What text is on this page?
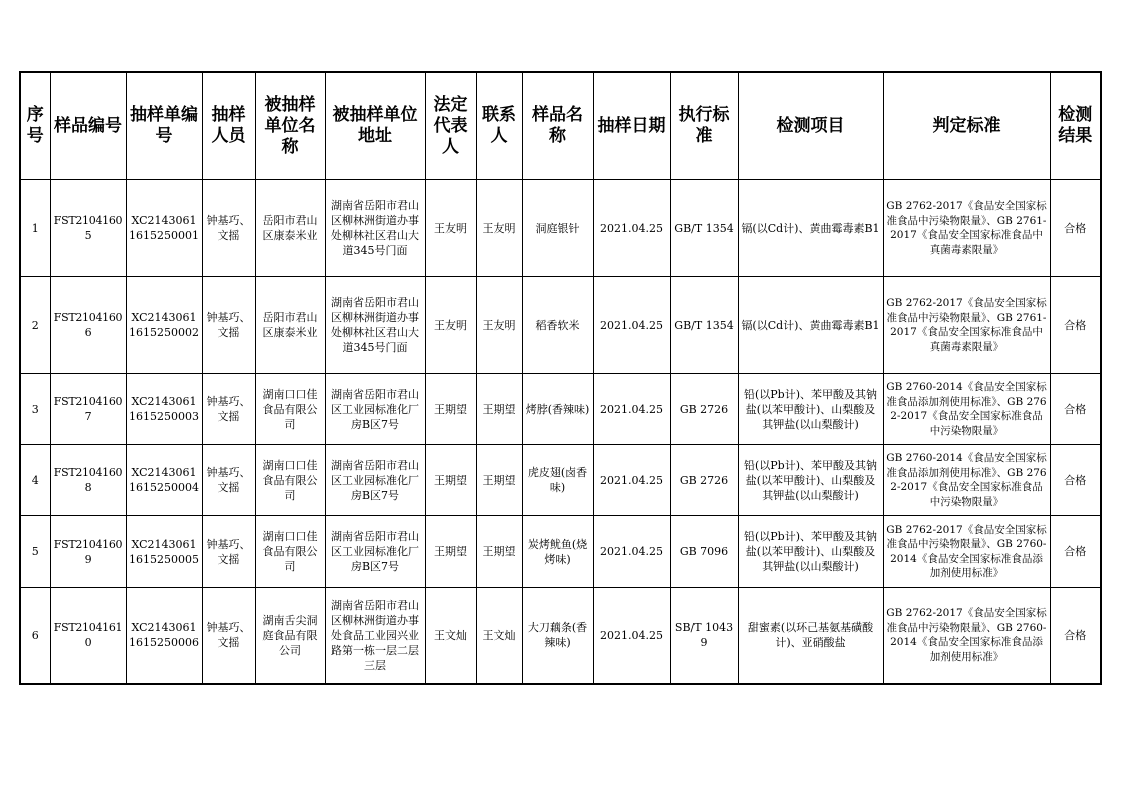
序号	样品编号	抽样单编号	抽样人员	被抽样单位名称	被抽样单位地址	法定代表人	联系人	样品名称	抽样日期	执行标准	检测项目	判定标准	检测结果
1	FST21041605	XC21430611615250001	钟基巧、文摇	岳阳市君山区康泰米业	湖南省岳阳市君山区柳林洲街道办事处柳林社区君山大道345号门面	王友明	王友明	洞庭银针	2021.04.25	GB/T 1354	镉(以Cd计)、黄曲霉毒素B1	GB 2762-2017《食品安全国家标准食品中污染物限量》、GB 2761-2017《食品安全国家标准食品中真菌毒素限量》	合格
2	FST21041606	XC21430611615250002	钟基巧、文摇	岳阳市君山区康泰米业	湖南省岳阳市君山区柳林洲街道办事处柳林社区君山大道345号门面	王友明	王友明	稻香软米	2021.04.25	GB/T 1354	镉(以Cd计)、黄曲霉毒素B1	GB 2762-2017《食品安全国家标准食品中污染物限量》、GB 2761-2017《食品安全国家标准食品中真菌毒素限量》	合格
3	FST21041607	XC21430611615250003	钟基巧、文摇	湖南口口佳食品有限公司	湖南省岳阳市君山区工业园标准化厂房B区7号	王期望	王期望	烤脖(香辣味)	2021.04.25	GB 2726	铅(以Pb计)、苯甲酸及其钠盐(以苯甲酸计)、山梨酸及其钾盐(以山梨酸计)	GB 2760-2014《食品安全国家标准食品添加剂使用标准》、GB 2762-2017《食品安全国家标准食品中污染物限量》	合格
4	FST21041608	XC21430611615250004	钟基巧、文摇	湖南口口佳食品有限公司	湖南省岳阳市君山区工业园标准化厂房B区7号	王期望	王期望	虎皮翅(卤香味)	2021.04.25	GB 2726	铅(以Pb计)、苯甲酸及其钠盐(以苯甲酸计)、山梨酸及其钾盐(以山梨酸计)	GB 2760-2014《食品安全国家标准食品添加剂使用标准》、GB 2762-2017《食品安全国家标准食品中污染物限量》	合格
5	FST21041609	XC21430611615250005	钟基巧、文摇	湖南口口佳食品有限公司	湖南省岳阳市君山区工业园标准化厂房B区7号	王期望	王期望	炭烤鱿鱼(烧烤味)	2021.04.25	GB 7096	铅(以Pb计)、苯甲酸及其钠盐(以苯甲酸计)、山梨酸及其钾盐(以山梨酸计)	GB 2762-2017《食品安全国家标准食品中污染物限量》、GB 2760-2014《食品安全国家标准食品添加剂使用标准》	合格
6	FST21041610	XC21430611615250006	钟基巧、文摇	湖南舌尖洞庭食品有限公司	湖南省岳阳市君山区柳林洲街道办事处食品工业园兴业路第一栋一层二层三层	王文灿	王文灿	大刀藕条(香辣味)	2021.04.25	SB/T 10439	甜蜜素(以环己基氨基磺酸计)、亚硝酸盐	GB 2762-2017《食品安全国家标准食品中污染物限量》、GB 2760-2014《食品安全国家标准食品添加剂使用标准》	合格
